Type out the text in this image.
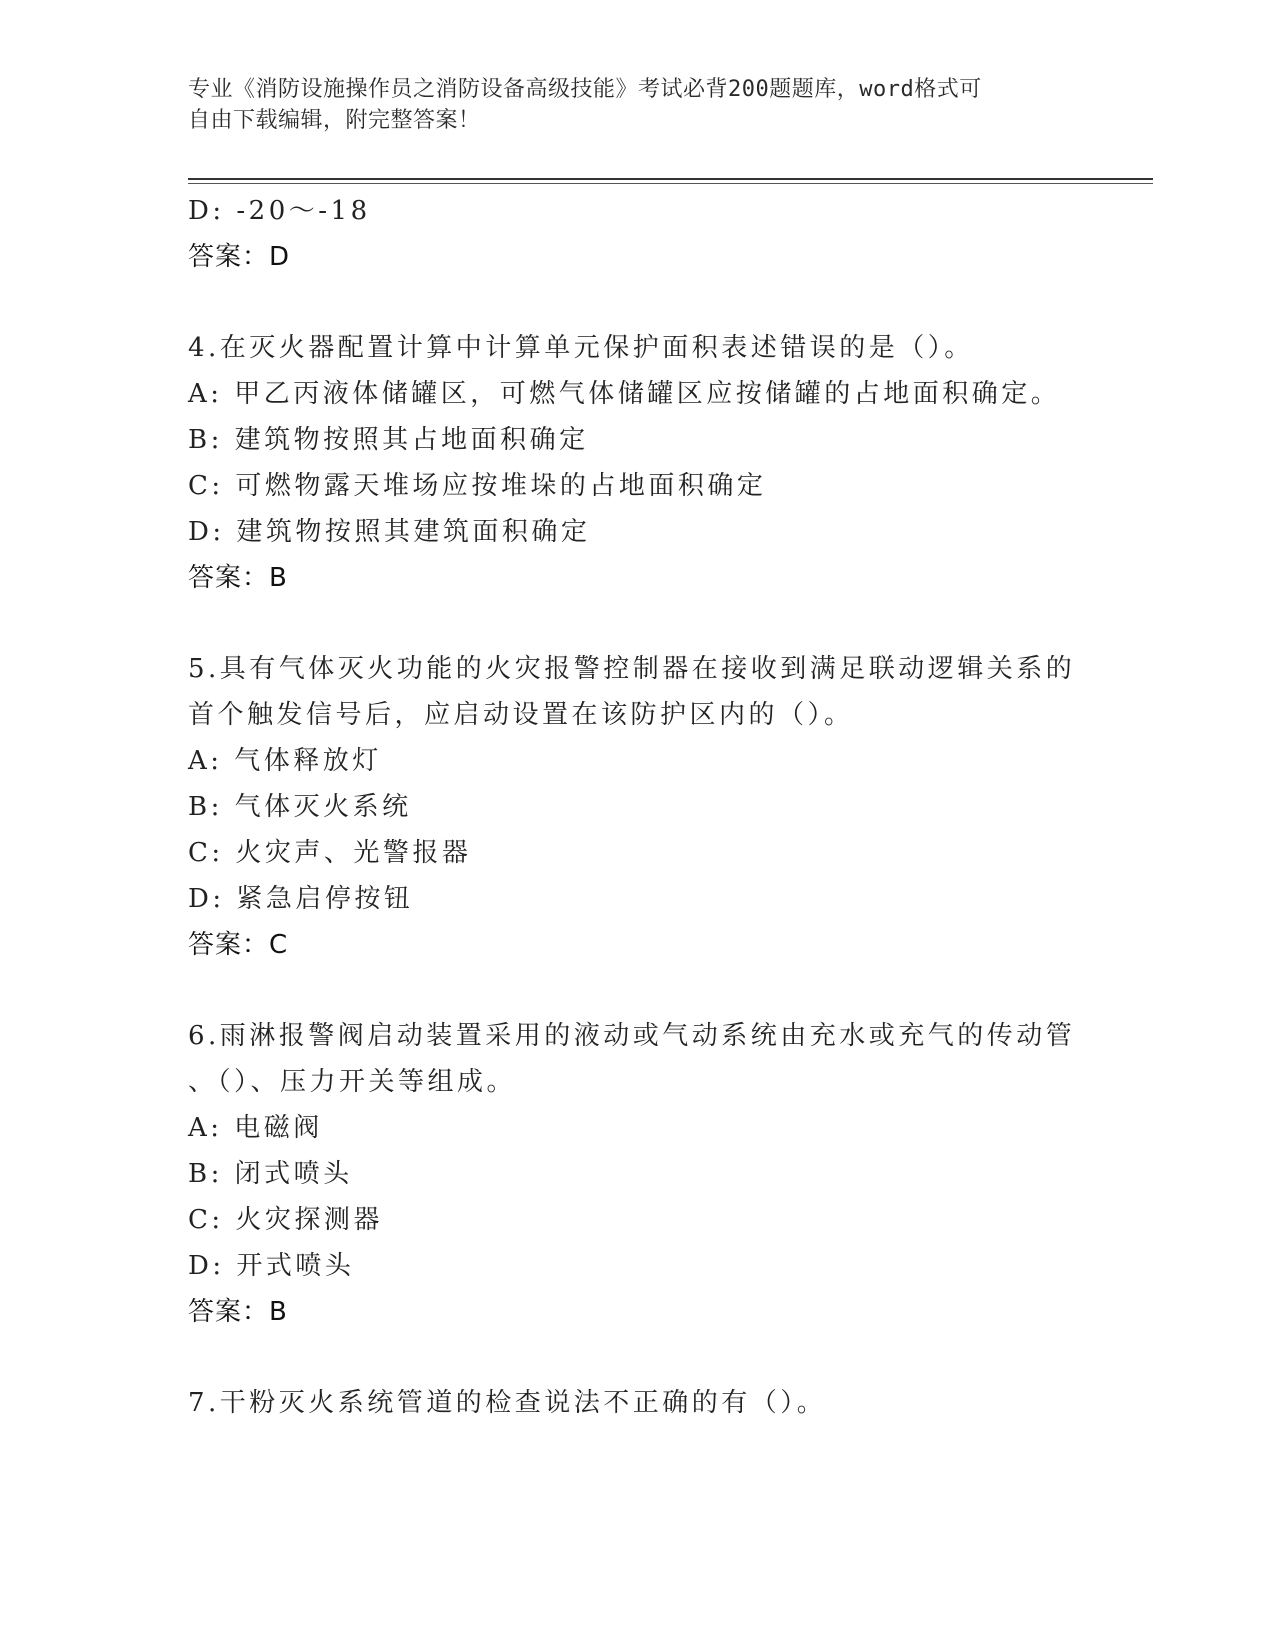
专业《消防设施操作员之消防设备高级技能》考试必背200题题库，word格式可
自由下载编辑，附完整答案！
D: -20～-18
答案：D
4.在灭火器配置计算中计算单元保护面积表述错误的是（）。
A: 甲乙丙液体储罐区，可燃气体储罐区应按储罐的占地面积确定。
B: 建筑物按照其占地面积确定
C: 可燃物露天堆场应按堆垛的占地面积确定
D: 建筑物按照其建筑面积确定
答案：B
5.具有气体灭火功能的火灾报警控制器在接收到满足联动逻辑关系的
首个触发信号后，应启动设置在该防护区内的（）。
A: 气体释放灯
B: 气体灭火系统
C: 火灾声、光警报器
D: 紧急启停按钮
答案：C
6.雨淋报警阀启动装置采用的液动或气动系统由充水或充气的传动管
、（）、压力开关等组成。
A: 电磁阀
B: 闭式喷头
C: 火灾探测器
D: 开式喷头
答案：B
7.干粉灭火系统管道的检查说法不正确的有（）。
